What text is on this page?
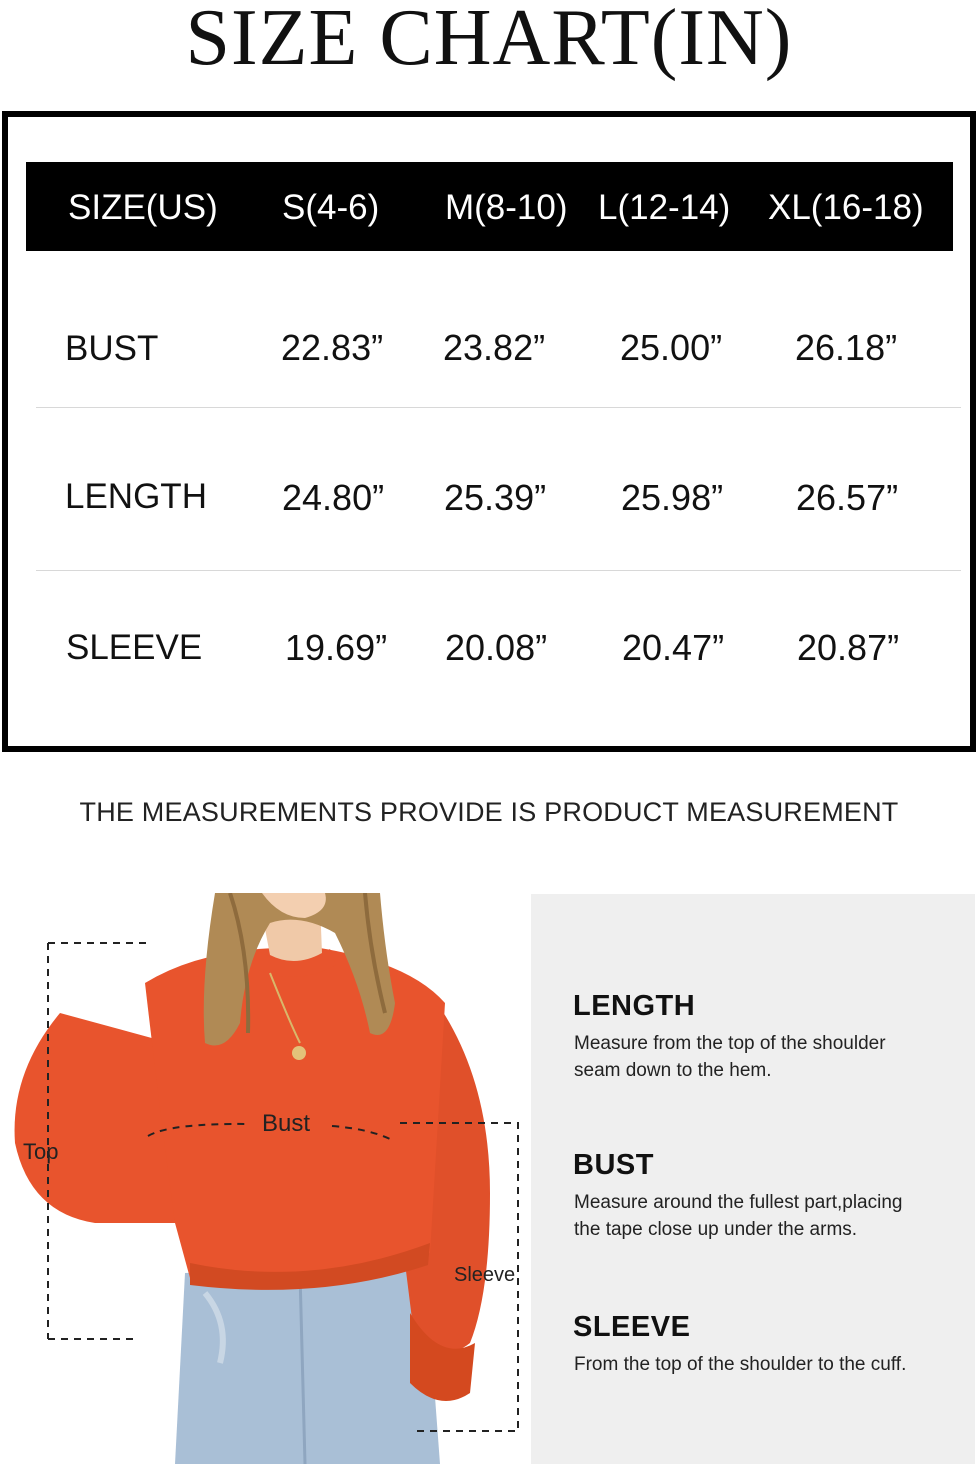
SIZE CHART(IN)
SIZE(US) S(4-6) M(8-10) L(12-14) XL(16-18)
BUST	22.83” 23.82” 25.00” 26.18”
LENGTH 24.80” 25.39” 25.98” 26.57”
SLEEVE 19.69” 20.08” 20.47” 20.87”
THE MEASUREMENTS PROVIDE IS PRODUCT MEASUREMENT
Top
Bust
Sleeve
LENGTH
Measure from the top of the shoulder
seam down to the hem.
BUST
Measure around the fullest part,placing
the tape close up under the arms.
SLEEVE
From the top of the shoulder to the cuff.
